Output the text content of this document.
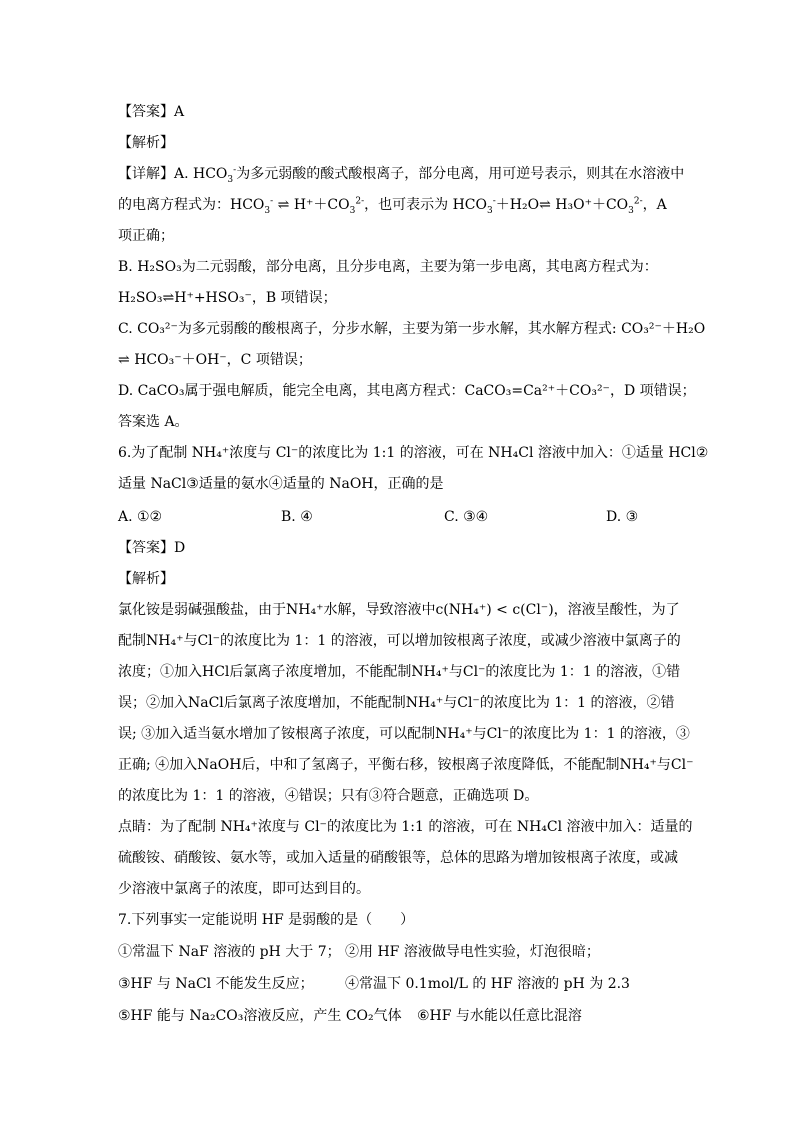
【答案】A
【解析】
【详解】A. $HCO_3^-$为多元弱酸的酸式酸根离子，部分电离，用可逆号表示，则其在水溶液中
的电离方程式为：$HCO_3^-$ ⇌ $H^++CO_3^{2-}$，也可表示为 $HCO_3^-+H_2O\rightleftharpoons$ $H_3O^++CO_3^{2-}$，A
项正确；
B. H₂SO₃为二元弱酸，部分电离，且分步电离，主要为第一步电离，其电离方程式为：
H₂SO₃⇌H⁺+HSO₃⁻，B 项错误；
C. CO₃²⁻为多元弱酸的酸根离子，分步水解，主要为第一步水解，其水解方程式: CO₃²⁻＋H₂O
⇌ HCO₃⁻＋OH⁻，C 项错误；
D. CaCO₃属于强电解质，能完全电离，其电离方程式：CaCO₃=Ca²⁺＋CO₃²⁻，D 项错误；
答案选 A。
6.为了配制 NH₄⁺浓度与 Cl⁻的浓度比为 1:1 的溶液，可在 NH₄Cl 溶液中加入：①适量 HCl②
适量 NaCl③适量的氨水④适量的 NaOH，正确的是
A. ①②	B. ④	C. ③④	D. ③
【答案】D
【解析】
氯化铵是弱碱强酸盐，由于NH₄⁺水解，导致溶液中c(NH₄⁺) < c(Cl⁻)，溶液呈酸性，为了
配制NH₄⁺与Cl⁻的浓度比为 1：1 的溶液，可以增加铵根离子浓度，或减少溶液中氯离子的
浓度；①加入HCl后氯离子浓度增加，不能配制NH₄⁺与Cl⁻的浓度比为 1：1 的溶液，①错
误；②加入NaCl后氯离子浓度增加，不能配制NH₄⁺与Cl⁻的浓度比为 1：1 的溶液，②错
误; ③加入适当氨水增加了铵根离子浓度，可以配制NH₄⁺与Cl⁻的浓度比为 1：1 的溶液，③
正确; ④加入NaOH后，中和了氢离子，平衡右移，铵根离子浓度降低，不能配制NH₄⁺与Cl⁻
的浓度比为 1：1 的溶液，④错误；只有③符合题意，正确选项 D。
点睛：为了配制 NH₄⁺浓度与 Cl⁻的浓度比为 1:1 的溶液，可在 NH₄Cl 溶液中加入：适量的
硫酸铵、硝酸铵、氨水等，或加入适量的硝酸银等，总体的思路为增加铵根离子浓度，或减
少溶液中氯离子的浓度，即可达到目的。
7.下列事实一定能说明 HF 是弱酸的是（　　）
①常温下 NaF 溶液的 pH 大于 7； ②用 HF 溶液做导电性实验，灯泡很暗；
③HF 与 NaCl 不能发生反应； ④常温下 0.1mol/L 的 HF 溶液的 pH 为 2.3
⑤HF 能与 Na₂CO₃溶液反应，产生 CO₂气体 ⑥HF 与水能以任意比混溶
